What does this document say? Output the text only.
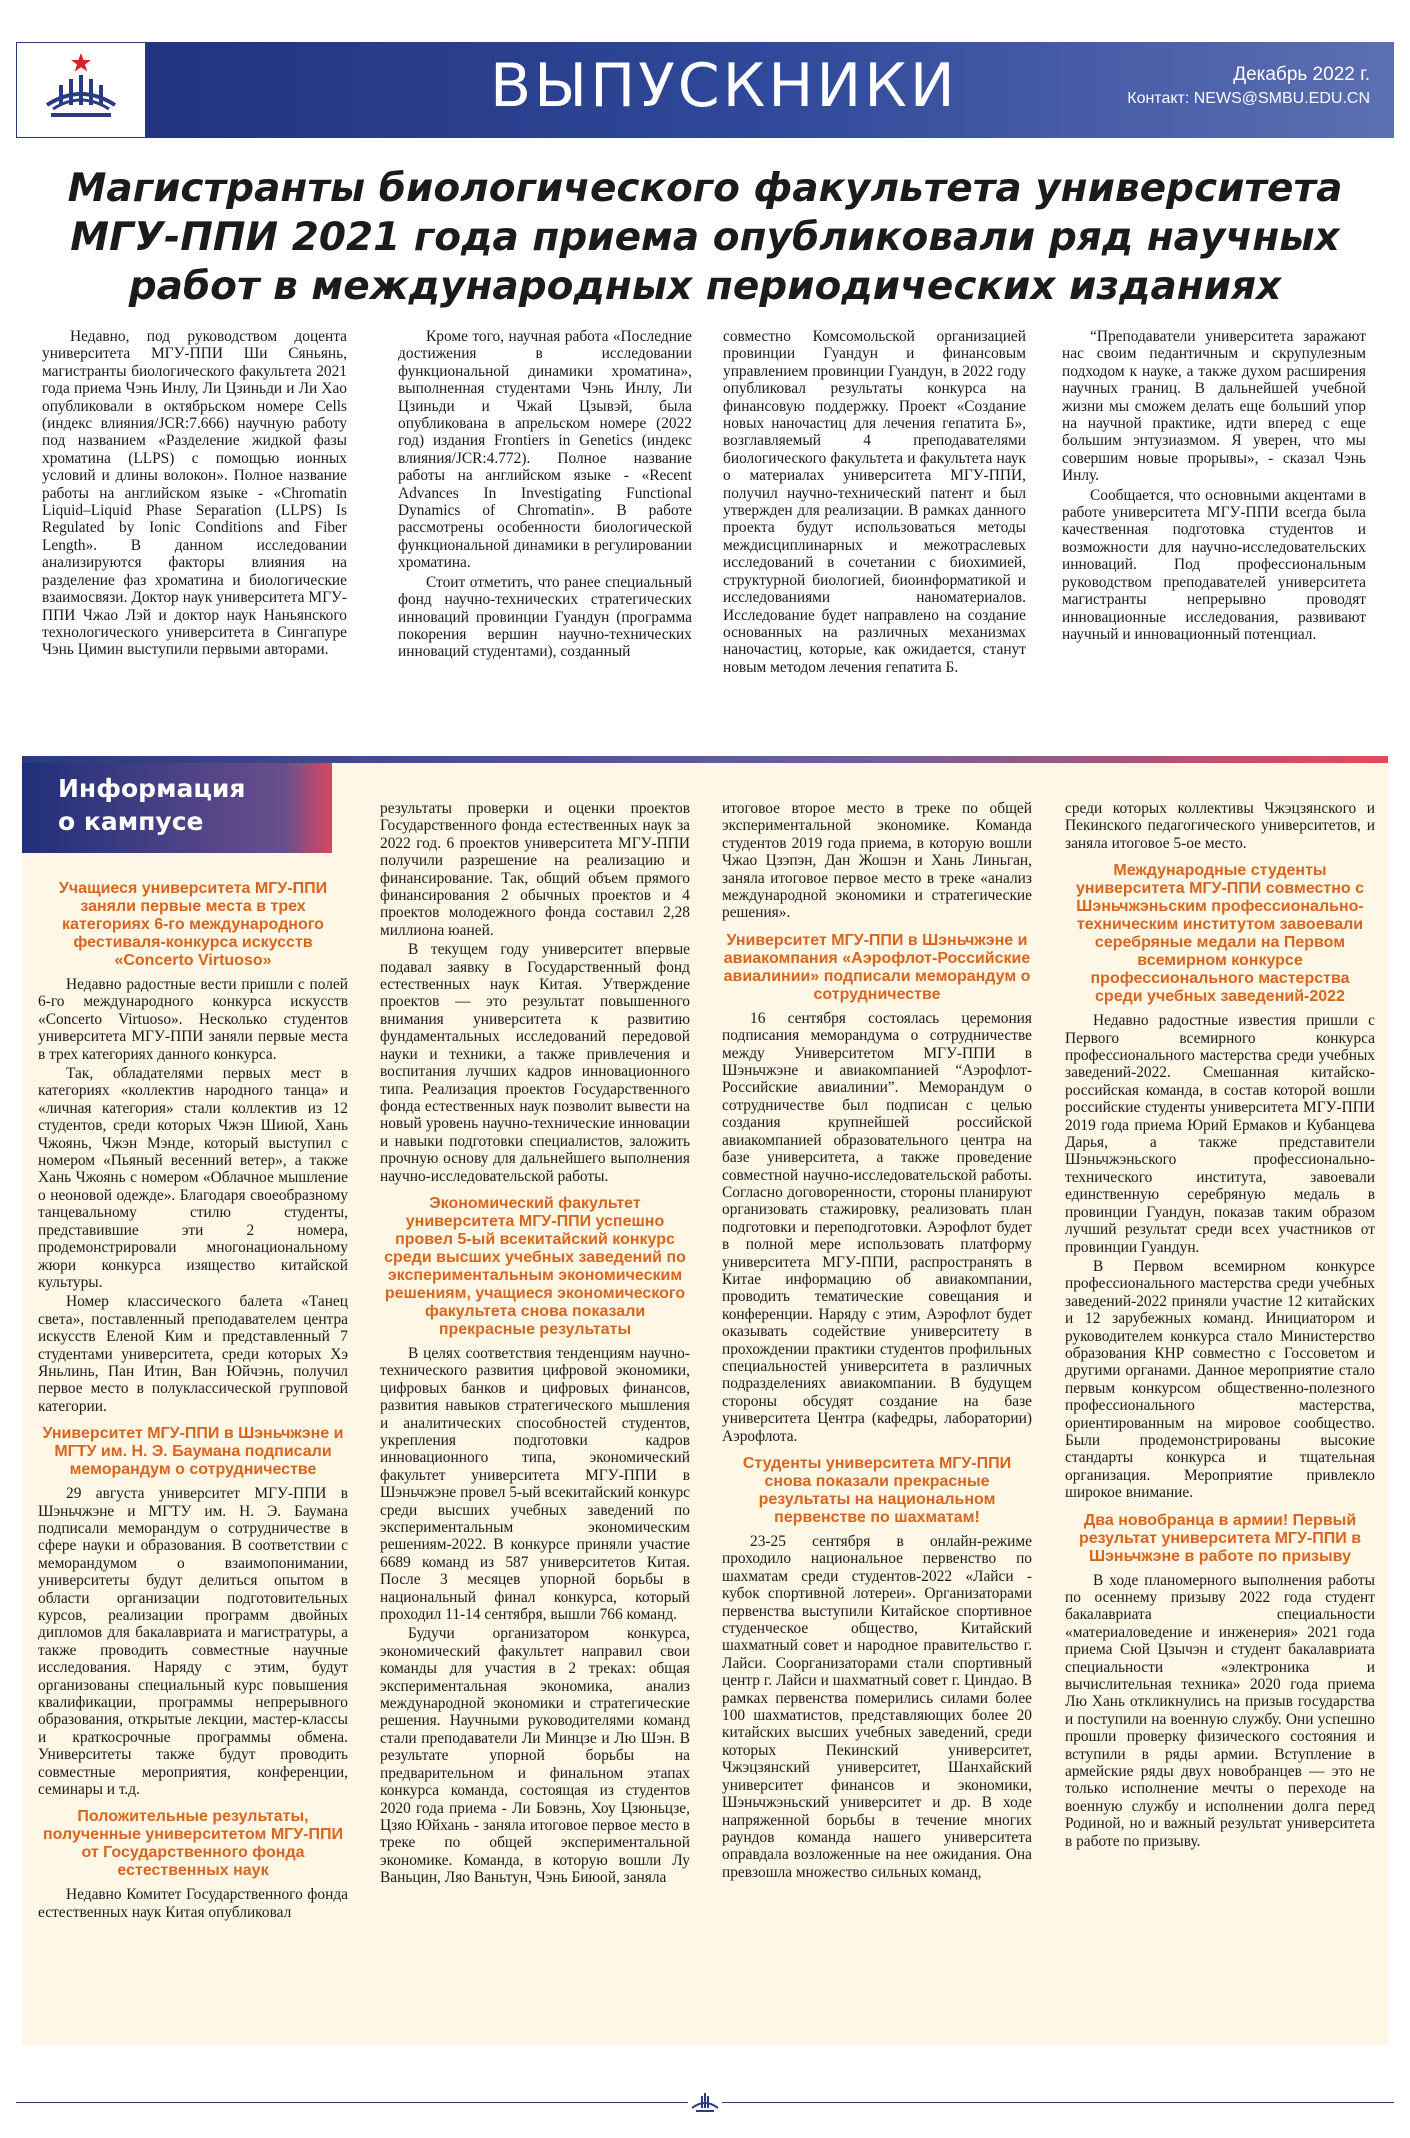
ВЫПУСКНИКИ	Декабрь 2022 г.
Контакт: NEWS@SMBU.EDU.CN
Магистранты биологического факультета университета МГУ-ППИ 2021 года приема опубликовали ряд научных работ в международных периодических изданиях

Недавно, под руководством доцента университета МГУ-ППИ Ши Сяньянь, магистранты биологического факультета 2021 года приема Чэнь Инлу, Ли Цзиньди и Ли Хао опубликовали в октябрьском номере Cells (индекс влияния/JCR:7.666) научную работу под названием «Разделение жидкой фазы хроматина (LLPS) с помощью ионных условий и длины волокон». Полное название работы на английском языке - «Chromatin Liquid–Liquid Phase Separation (LLPS) Is Regulated by Ionic Conditions and Fiber Length». В данном исследовании анализируются факторы влияния на разделение фаз хроматина и биологические взаимосвязи. Доктор наук университета МГУ-ППИ Чжао Лэй и доктор наук Наньянского технологического университета в Сингапуре Чэнь Цимин выступили первыми авторами.

Кроме того, научная работа «Последние достижения в исследовании функциональной динамики хроматина», выполненная студентами Чэнь Инлу, Ли Цзиньди и Чжай Цзывэй, была опубликована в апрельском номере (2022 год) издания Frontiers in Genetics (индекс влияния/JCR:4.772). Полное название работы на английском языке - «Recent Advances In Investigating Functional Dynamics of Chromatin». В работе рассмотрены особенности биологической функциональной динамики в регулировании хроматина.

Стоит отметить, что ранее специальный фонд научно-технических стратегических инноваций провинции Гуандун (программа покорения вершин научно-технических инноваций студентами), созданный

совместно Комсомольской организацией провинции Гуандун и финансовым управлением провинции Гуандун, в 2022 году опубликовал результаты конкурса на финансовую поддержку. Проект «Создание новых наночастиц для лечения гепатита Б», возглавляемый 4 преподавателями биологического факультета и факультета наук о материалах университета МГУ-ППИ, получил научно-технический патент и был утвержден для реализации. В рамках данного проекта будут использоваться методы междисциплинарных и межотраслевых исследований в сочетании с биохимией, структурной биологией, биоинформатикой и исследованиями наноматериалов. Исследование будет направлено на создание основанных на различных механизмах наночастиц, которые, как ожидается, станут новым методом лечения гепатита Б.

“Преподаватели университета заражают нас своим педантичным и скрупулезным подходом к науке, а также духом расширения научных границ. В дальнейшей учебной жизни мы сможем делать еще больший упор на научной практике, идти вперед с еще большим энтузиазмом. Я уверен, что мы совершим новые прорывы», - сказал Чэнь Инлу.

Сообщается, что основными акцентами в работе университета МГУ-ППИ всегда была качественная подготовка студентов и возможности для научно-исследовательских инноваций. Под профессиональным руководством преподавателей университета магистранты непрерывно проводят инновационные исследования, развивают научный и инновационный потенциал.

Информация
о кампусе
Учащиеся университета МГУ-ППИ заняли первые места в трех категориях 6-го международного фестиваля-конкурса искусств «Concerto Virtuoso»

Недавно радостные вести пришли с полей 6-го международного конкурса искусств «Concerto Virtuoso». Несколько студентов университета МГУ-ППИ заняли первые места в трех категориях данного конкурса.

Так, обладателями первых мест в категориях «коллектив народного танца» и «личная категория» стали коллектив из 12 студентов, среди которых Чжэн Шиюй, Хань Чжоянь, Чжэн Мэнде, который выступил с номером «Пьяный весенний ветер», а также Хань Чжоянь с номером «Облачное мышление о неоновой одежде». Благодаря своеобразному танцевальному стилю студенты, представившие эти 2 номера, продемонстрировали многонациональному жюри конкурса изящество китайской культуры.

Номер классического балета «Танец света», поставленный преподавателем центра искусств Еленой Ким и представленный 7 студентами университета, среди которых Хэ Яньлинь, Пан Итин, Ван Юйчэнь, получил первое место в полуклассической групповой категории.

Университет МГУ-ППИ в Шэньчжэне и МГТУ им. Н. Э. Баумана подписали меморандум о сотрудничестве

29 августа университет МГУ-ППИ в Шэньчжэне и МГТУ им. Н. Э. Баумана подписали меморандум о сотрудничестве в сфере науки и образования. В соответствии с меморандумом о взаимопонимании, университеты будут делиться опытом в области организации подготовительных курсов, реализации программ двойных дипломов для бакалавриата и магистратуры, а также проводить совместные научные исследования. Наряду с этим, будут организованы специальный курс повышения квалификации, программы непрерывного образования, открытые лекции, мастер-классы и краткосрочные программы обмена. Университеты также будут проводить совместные мероприятия, конференции, семинары и т.д.

Положительные результаты, полученные университетом МГУ-ППИ от Государственного фонда естественных наук

Недавно Комитет Государственного фонда естественных наук Китая опубликовал

результаты проверки и оценки проектов Государственного фонда естественных наук за 2022 год. 6 проектов университета МГУ-ППИ получили разрешение на реализацию и финансирование. Так, общий объем прямого финансирования 2 обычных проектов и 4 проектов молодежного фонда составил 2,28 миллиона юаней.

В текущем году университет впервые подавал заявку в Государственный фонд естественных наук Китая. Утверждение проектов — это результат повышенного внимания университета к развитию фундаментальных исследований передовой науки и техники, а также привлечения и воспитания лучших кадров инновационного типа. Реализация проектов Государственного фонда естественных наук позволит вывести на новый уровень научно-технические инновации и навыки подготовки специалистов, заложить прочную основу для дальнейшего выполнения научно-исследовательской работы.

Экономический факультет университета МГУ-ППИ успешно провел 5-ый всекитайский конкурс среди высших учебных заведений по экспериментальным экономическим решениям, учащиеся экономического факультета снова показали прекрасные результаты

В целях соответствия тенденциям научно-технического развития цифровой экономики, цифровых банков и цифровых финансов, развития навыков стратегического мышления и аналитических способностей студентов, укрепления подготовки кадров инновационного типа, экономический факультет университета МГУ-ППИ в Шэньчжэне провел 5-ый всекитайский конкурс среди высших учебных заведений по экспериментальным экономическим решениям-2022. В конкурсе приняли участие 6689 команд из 587 университетов Китая. После 3 месяцев упорной борьбы в национальный финал конкурса, который проходил 11-14 сентября, вышли 766 команд.

Будучи организатором конкурса, экономический факультет направил свои команды для участия в 2 треках: общая экспериментальная экономика, анализ международной экономики и стратегические решения. Научными руководителями команд стали преподаватели Ли Минцзе и Лю Шэн. В результате упорной борьбы на предварительном и финальном этапах конкурса команда, состоящая из студентов 2020 года приема - Ли Бовэнь, Хоу Цзюньцзе, Цзяо Юйхань - заняла итоговое первое место в треке по общей экспериментальной экономике. Команда, в которую вошли Лу Ваньцин, Ляо Ваньтун, Чэнь Биюой, заняла

итоговое второе место в треке по общей экспериментальной экономике. Команда студентов 2019 года приема, в которую вошли Чжао Цзэпэн, Дан Жошэн и Хань Линьган, заняла итоговое первое место в треке «анализ международной экономики и стратегические решения».

Университет МГУ-ППИ в Шэньчжэне и авиакомпания «Аэрофлот-Российские авиалинии» подписали меморандум о сотрудничестве

16 сентября состоялась церемония подписания меморандума о сотрудничестве между Университетом МГУ-ППИ в Шэньчжэне и авиакомпанией “Аэрофлот-Российские авиалинии”. Меморандум о сотрудничестве был подписан с целью создания крупнейшей российской авиакомпанией образовательного центра на базе университета, а также проведение совместной научно-исследовательской работы. Согласно договоренности, стороны планируют организовать стажировку, реализовать план подготовки и переподготовки. Аэрофлот будет в полной мере использовать платформу университета МГУ-ППИ, распространять в Китае информацию об авиакомпании, проводить тематические совещания и конференции. Наряду с этим, Аэрофлот будет оказывать содействие университету в прохождении практики студентов профильных специальностей университета в различных подразделениях авиакомпании. В будущем стороны обсудят создание на базе университета Центра (кафедры, лаборатории) Аэрофлота.

Студенты университета МГУ-ППИ снова показали прекрасные результаты на национальном первенстве по шахматам!

23-25 сентября в онлайн-режиме проходило национальное первенство по шахматам среди студентов-2022 «Лайси - кубок спортивной лотереи». Организаторами первенства выступили Китайское спортивное студенческое общество, Китайский шахматный совет и народное правительство г. Лайси. Соорганизаторами стали спортивный центр г. Лайси и шахматный совет г. Циндао. В рамках первенства померились силами более 100 шахматистов, представляющих более 20 китайских высших учебных заведений, среди которых Пекинский университет, Чжэцзянский университет, Шанхайский университет финансов и экономики, Шэньчжэньский университет и др. В ходе напряженной борьбы в течение многих раундов команда нашего университета оправдала возложенные на нее ожидания. Она превзошла множество сильных команд,

среди которых коллективы Чжэцзянского и Пекинского педагогического университетов, и заняла итоговое 5-ое место.

Международные студенты университета МГУ-ППИ совместно с Шэньчжэньским профессионально-техническим институтом завоевали серебряные медали на Первом всемирном конкурсе профессионального мастерства среди учебных заведений-2022

Недавно радостные известия пришли с Первого всемирного конкурса профессионального мастерства среди учебных заведений-2022. Смешанная китайско-российская команда, в состав которой вошли российские студенты университета МГУ-ППИ 2019 года приема Юрий Ермаков и Кубанцева Дарья, а также представители Шэньчжэньского профессионально-технического института, завоевали единственную серебряную медаль в провинции Гуандун, показав таким образом лучший результат среди всех участников от провинции Гуандун.

В Первом всемирном конкурсе профессионального мастерства среди учебных заведений-2022 приняли участие 12 китайских и 12 зарубежных команд. Инициатором и руководителем конкурса стало Министерство образования КНР совместно с Госсоветом и другими органами. Данное мероприятие стало первым конкурсом общественно-полезного профессионального мастерства, ориентированным на мировое сообщество. Были продемонстрированы высокие стандарты конкурса и тщательная организация. Мероприятие привлекло широкое внимание.

Два новобранца в армии! Первый результат университета МГУ-ППИ в Шэньчжэне в работе по призыву

В ходе планомерного выполнения работы по осеннему призыву 2022 года студент бакалавриата специальности «материаловедение и инженерия» 2021 года приема Сюй Цзычэн и студент бакалавриата специальности «электроника и вычислительная техника» 2020 года приема Лю Хань откликнулись на призыв государства и поступили на военную службу. Они успешно прошли проверку физического состояния и вступили в ряды армии. Вступление в армейские ряды двух новобранцев — это не только исполнение мечты о переходе на военную службу и исполнении долга перед Родиной, но и важный результат университета в работе по призыву.
